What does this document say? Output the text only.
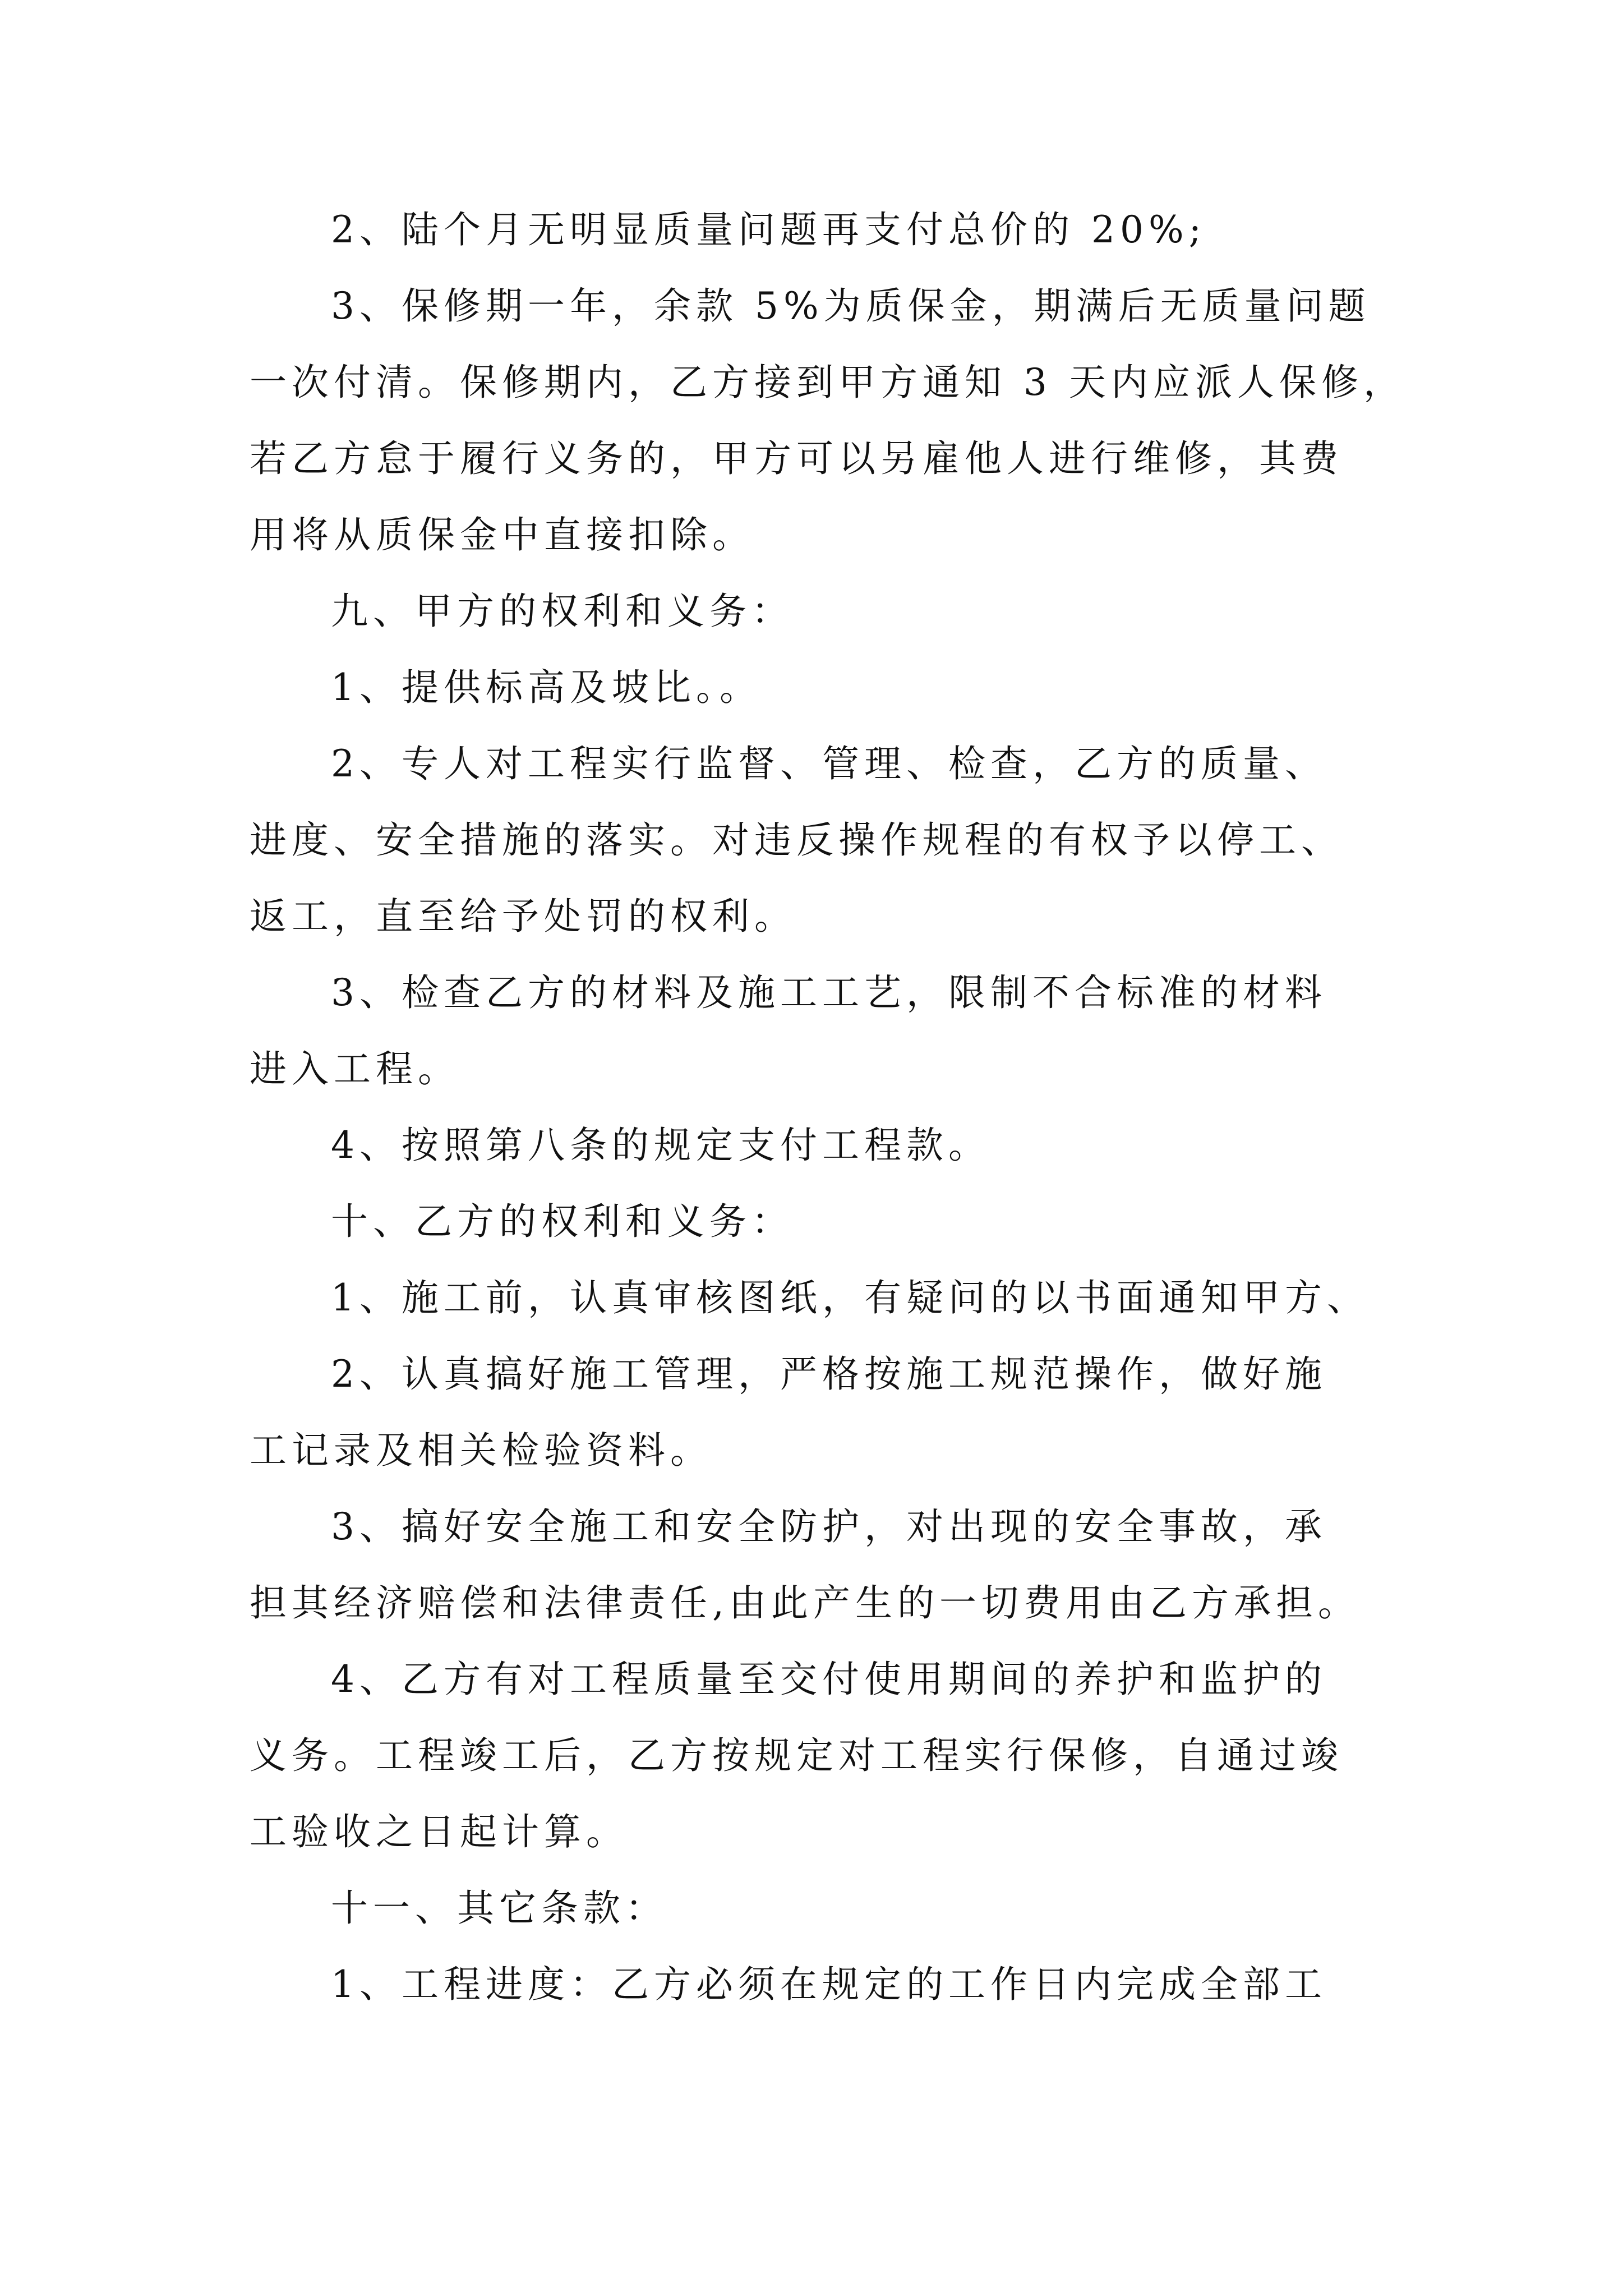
2、陆个月无明显质量问题再支付总价的 20%;
3、保修期一年，余款 5%为质保金，期满后无质量问题
一次付清。保修期内，乙方接到甲方通知 3 天内应派人保修，
若乙方怠于履行义务的，甲方可以另雇他人进行维修，其费
用将从质保金中直接扣除。
九、甲方的权利和义务：
1、提供标高及坡比。。
2、专人对工程实行监督、管理、检查，乙方的质量、
进度、安全措施的落实。对违反操作规程的有权予以停工、
返工，直至给予处罚的权利。
3、检查乙方的材料及施工工艺，限制不合标准的材料
进入工程。
4、按照第八条的规定支付工程款。
十、乙方的权利和义务：
1、施工前，认真审核图纸，有疑问的以书面通知甲方、
2、认真搞好施工管理，严格按施工规范操作，做好施
工记录及相关检验资料。
3、搞好安全施工和安全防护，对出现的安全事故，承
担其经济赔偿和法律责任,由此产生的一切费用由乙方承担。
4、乙方有对工程质量至交付使用期间的养护和监护的
义务。工程竣工后，乙方按规定对工程实行保修，自通过竣
工验收之日起计算。
十一、其它条款：
1、工程进度：乙方必须在规定的工作日内完成全部工
